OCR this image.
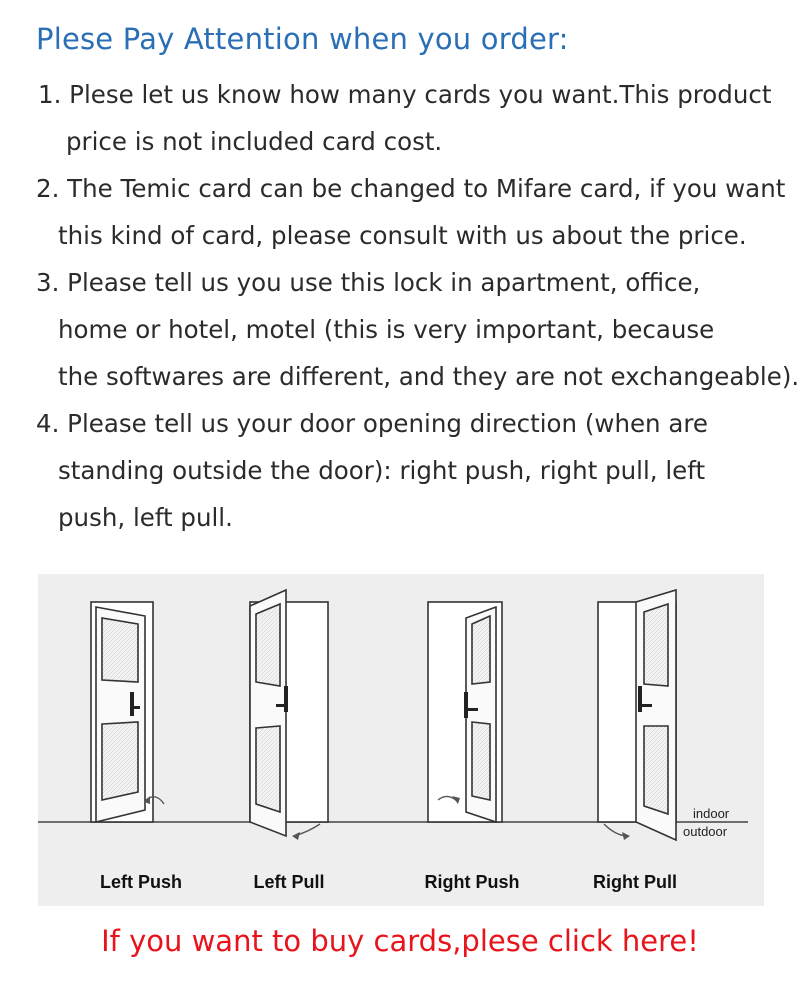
Plese Pay Attention when you order:
1. Plese let us know how many cards you want.This product
price is not included card cost.
2. The Temic card can be changed to Mifare card, if you want
this kind of card, please consult with us about the price.
3. Please tell us you use this lock in apartment, office,
home or hotel, motel (this is very important, because
the softwares are different, and they are not exchangeable).
4. Please tell us your door opening direction (when are
standing outside the door): right push, right pull, left
push, left pull.
indoor
outdoor
Left Push	Left Pull	Right Push	Right Pull
If you want to buy cards,plese click here!
